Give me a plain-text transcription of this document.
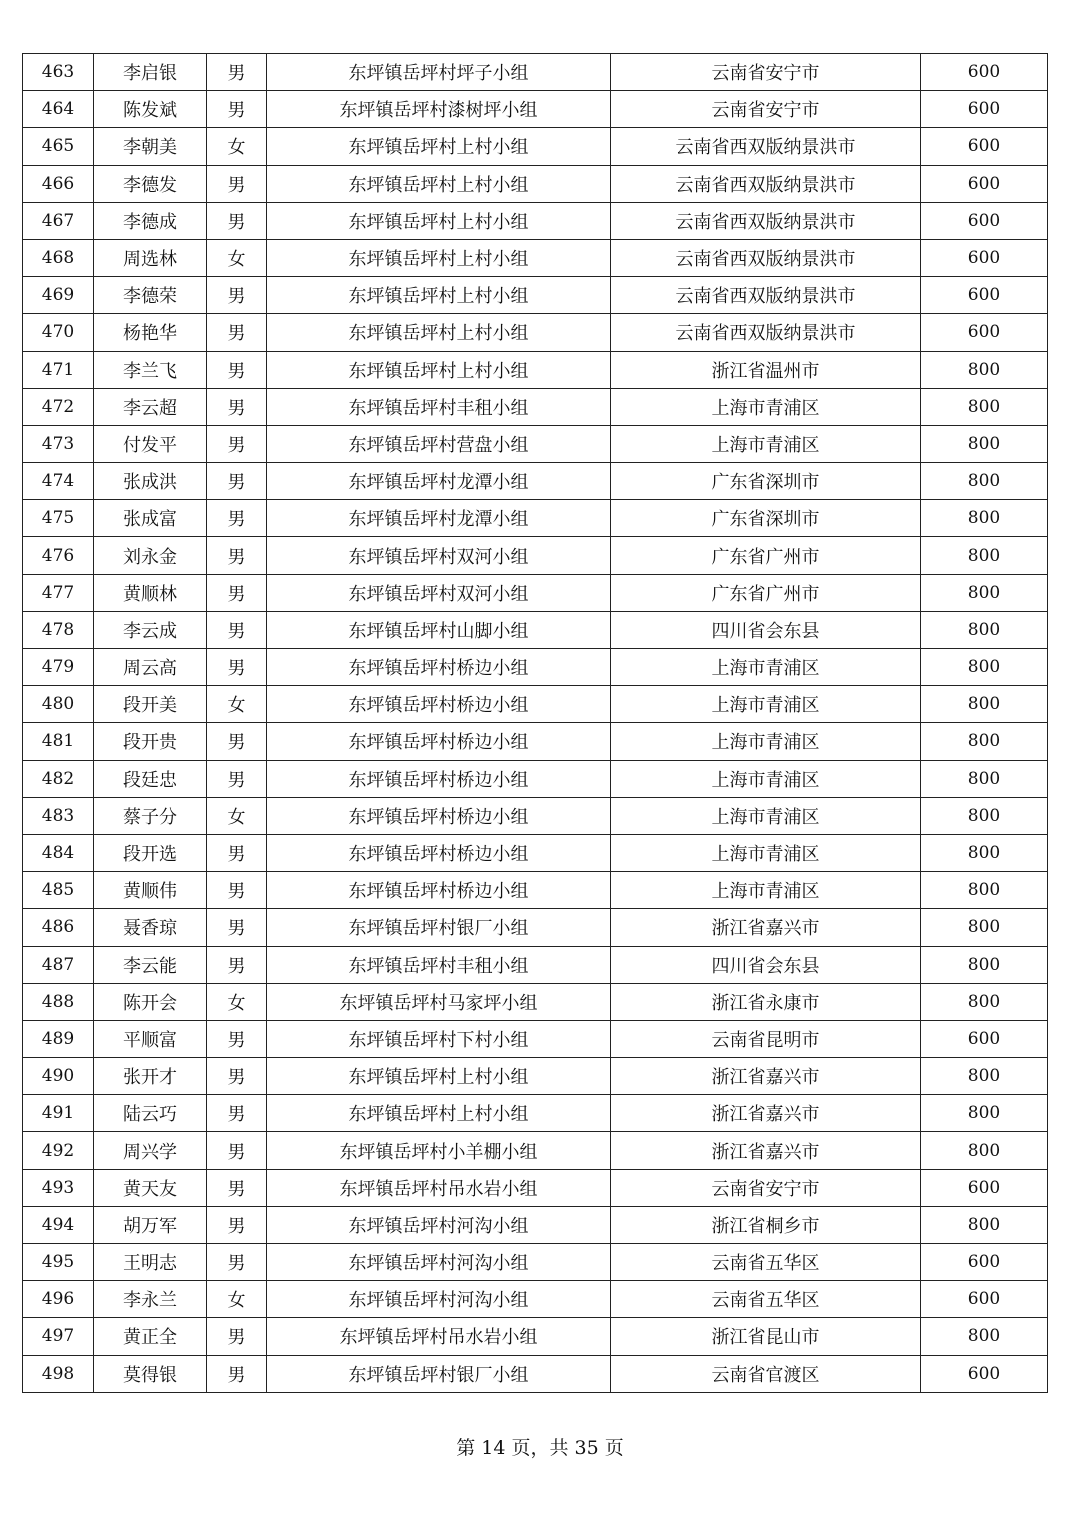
463	李启银	男	东坪镇岳坪村坪子小组	云南省安宁市	600
464	陈发斌	男	东坪镇岳坪村漆树坪小组	云南省安宁市	600
465	李朝美	女	东坪镇岳坪村上村小组	云南省西双版纳景洪市	600
466	李德发	男	东坪镇岳坪村上村小组	云南省西双版纳景洪市	600
467	李德成	男	东坪镇岳坪村上村小组	云南省西双版纳景洪市	600
468	周选林	女	东坪镇岳坪村上村小组	云南省西双版纳景洪市	600
469	李德荣	男	东坪镇岳坪村上村小组	云南省西双版纳景洪市	600
470	杨艳华	男	东坪镇岳坪村上村小组	云南省西双版纳景洪市	600
471	李兰飞	男	东坪镇岳坪村上村小组	浙江省温州市	800
472	李云超	男	东坪镇岳坪村丰租小组	上海市青浦区	800
473	付发平	男	东坪镇岳坪村营盘小组	上海市青浦区	800
474	张成洪	男	东坪镇岳坪村龙潭小组	广东省深圳市	800
475	张成富	男	东坪镇岳坪村龙潭小组	广东省深圳市	800
476	刘永金	男	东坪镇岳坪村双河小组	广东省广州市	800
477	黄顺林	男	东坪镇岳坪村双河小组	广东省广州市	800
478	李云成	男	东坪镇岳坪村山脚小组	四川省会东县	800
479	周云高	男	东坪镇岳坪村桥边小组	上海市青浦区	800
480	段开美	女	东坪镇岳坪村桥边小组	上海市青浦区	800
481	段开贵	男	东坪镇岳坪村桥边小组	上海市青浦区	800
482	段廷忠	男	东坪镇岳坪村桥边小组	上海市青浦区	800
483	蔡子分	女	东坪镇岳坪村桥边小组	上海市青浦区	800
484	段开选	男	东坪镇岳坪村桥边小组	上海市青浦区	800
485	黄顺伟	男	东坪镇岳坪村桥边小组	上海市青浦区	800
486	聂香琼	男	东坪镇岳坪村银厂小组	浙江省嘉兴市	800
487	李云能	男	东坪镇岳坪村丰租小组	四川省会东县	800
488	陈开会	女	东坪镇岳坪村马家坪小组	浙江省永康市	800
489	平顺富	男	东坪镇岳坪村下村小组	云南省昆明市	600
490	张开才	男	东坪镇岳坪村上村小组	浙江省嘉兴市	800
491	陆云巧	男	东坪镇岳坪村上村小组	浙江省嘉兴市	800
492	周兴学	男	东坪镇岳坪村小羊棚小组	浙江省嘉兴市	800
493	黄天友	男	东坪镇岳坪村吊水岩小组	云南省安宁市	600
494	胡万军	男	东坪镇岳坪村河沟小组	浙江省桐乡市	800
495	王明志	男	东坪镇岳坪村河沟小组	云南省五华区	600
496	李永兰	女	东坪镇岳坪村河沟小组	云南省五华区	600
497	黄正全	男	东坪镇岳坪村吊水岩小组	浙江省昆山市	800
498	莫得银	男	东坪镇岳坪村银厂小组	云南省官渡区	600
第 14 页，共 35 页
